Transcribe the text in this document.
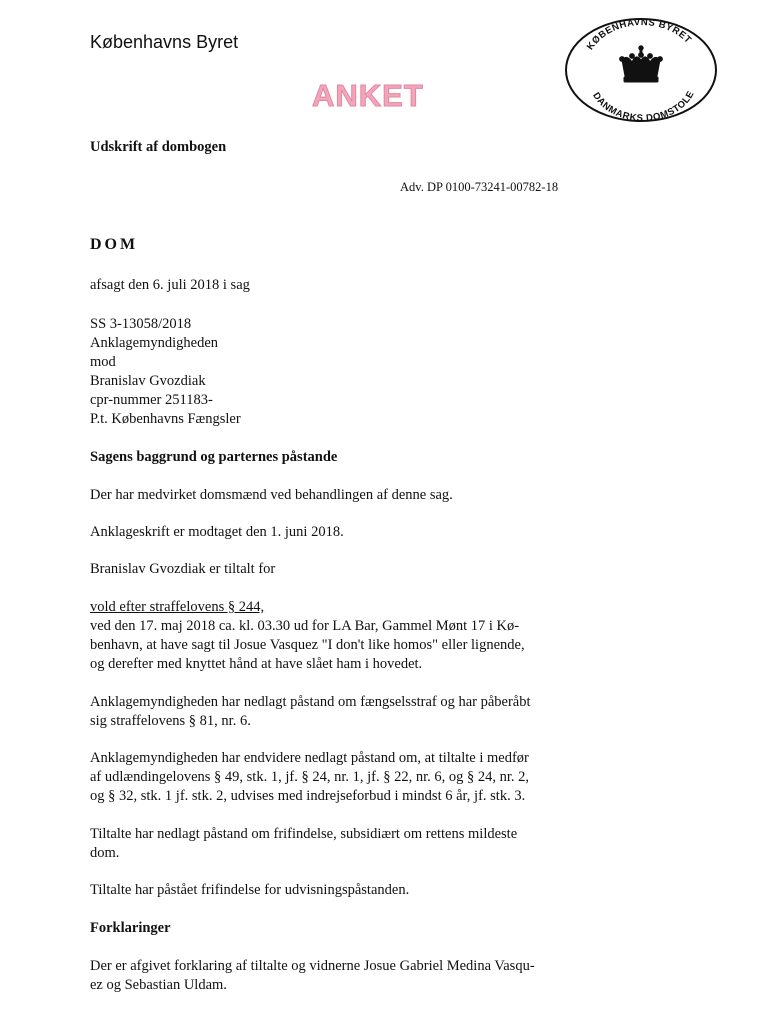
Københavns Byret
ANKET
KØBENHAVNS BYRET
DANMARKS DOMSTOLE
Udskrift af dombogen
Adv. DP 0100-73241-00782-18
DOM
afsagt den 6. juli 2018 i sag
SS 3-13058/2018
Anklagemyndigheden
mod
Branislav Gvozdiak
cpr-nummer 251183-
P.t. Københavns Fængsler
Sagens baggrund og parternes påstande
Der har medvirket domsmænd ved behandlingen af denne sag.
Anklageskrift er modtaget den 1. juni 2018.
Branislav Gvozdiak er tiltalt for
vold efter straffelovens § 244,
ved den 17. maj 2018 ca. kl. 03.30 ud for LA Bar, Gammel Mønt 17 i Kø-
benhavn, at have sagt til Josue Vasquez "I don't like homos" eller lignende,
og derefter med knyttet hånd at have slået ham i hovedet.
Anklagemyndigheden har nedlagt påstand om fængselsstraf og har påberåbt
sig straffelovens § 81, nr. 6.
Anklagemyndigheden har endvidere nedlagt påstand om, at tiltalte i medfør
af udlændingelovens § 49, stk. 1, jf. § 24, nr. 1, jf. § 22, nr. 6, og § 24, nr. 2,
og § 32, stk. 1 jf. stk. 2, udvises med indrejseforbud i mindst 6 år, jf. stk. 3.
Tiltalte har nedlagt påstand om frifindelse, subsidiært om rettens mildeste
dom.
Tiltalte har påstået frifindelse for udvisningspåstanden.
Forklaringer
Der er afgivet forklaring af tiltalte og vidnerne Josue Gabriel Medina Vasqu-
ez og Sebastian Uldam.
